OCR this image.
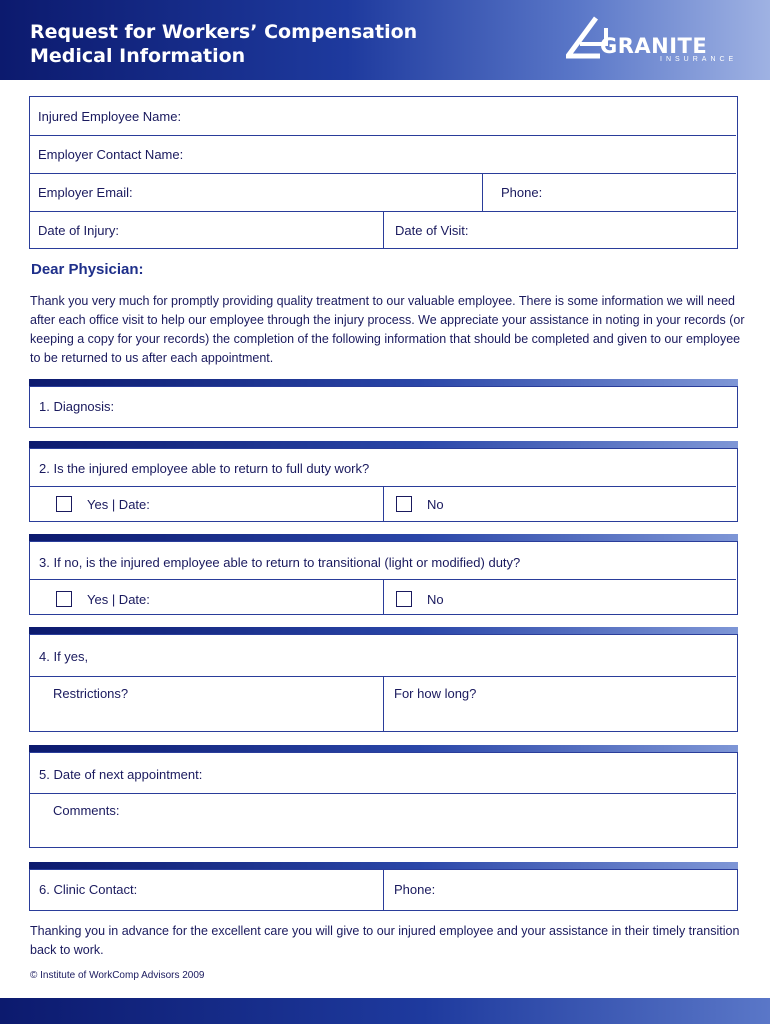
Request for Workers’ Compensation
Medical Information	GRANITE
INSURANCE
Injured Employee Name:
Employer Contact Name:
Employer Email:	Phone:
Date of Injury:	Date of Visit:
Dear Physician:
Thank you very much for promptly providing quality treatment to our valuable employee. There is some information we will need after each office visit to help our employee through the injury process. We appreciate your assistance in noting in your records (or keeping a copy for your records) the completion of the following information that should be completed and given to our employee to be returned to us after each appointment.
1. Diagnosis:
2. Is the injured employee able to return to full duty work?
Yes | Date:	No
3. If no, is the injured employee able to return to transitional (light or modified) duty?
Yes | Date:	No
4. If yes,
Restrictions?	For how long?
5. Date of next appointment:
Comments:
6. Clinic Contact:	Phone:
Thanking you in advance for the excellent care you will give to our injured employee and your assistance in their timely transition back to work.
© Institute of WorkComp Advisors 2009
